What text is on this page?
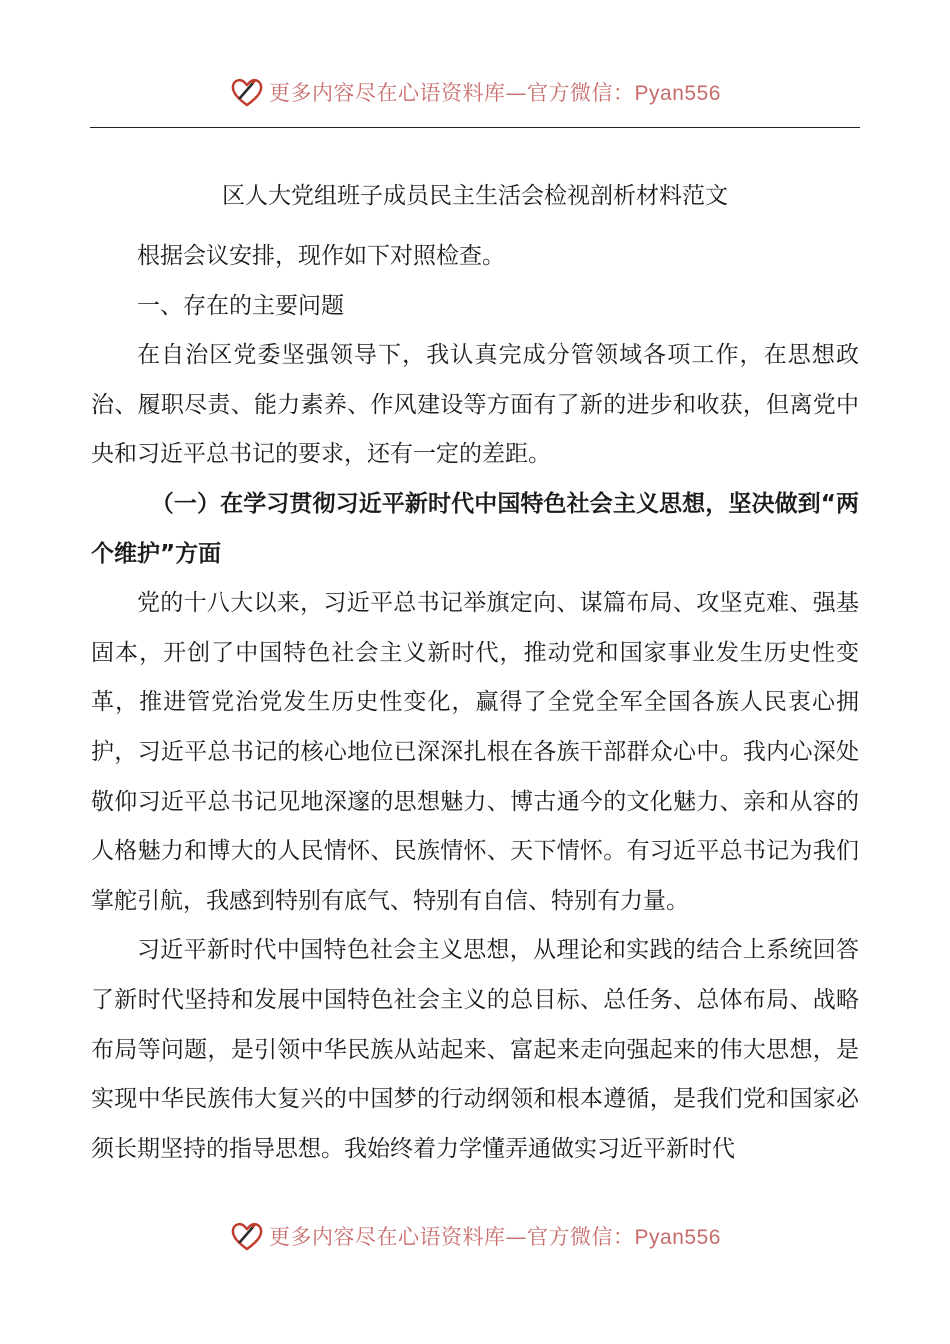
更多内容尽在心语资料库—官方微信：Pyan556
区人大党组班子成员民主生活会检视剖析材料范文

根据会议安排，现作如下对照检查。

一、存在的主要问题

在自治区党委坚强领导下，我认真完成分管领域各项工作，在思想政治、履职尽责、能力素养、作风建设等方面有了新的进步和收获，但离党中央和习近平总书记的要求，还有一定的差距。

（一）在学习贯彻习近平新时代中国特色社会主义思想，坚决做到“两个维护”方面

党的十八大以来，习近平总书记举旗定向、谋篇布局、攻坚克难、强基固本，开创了中国特色社会主义新时代，推动党和国家事业发生历史性变革，推进管党治党发生历史性变化，赢得了全党全军全国各族人民衷心拥护，习近平总书记的核心地位已深深扎根在各族干部群众心中。我内心深处敬仰习近平总书记见地深邃的思想魅力、博古通今的文化魅力、亲和从容的人格魅力和博大的人民情怀、民族情怀、天下情怀。有习近平总书记为我们掌舵引航，我感到特别有底气、特别有自信、特别有力量。

习近平新时代中国特色社会主义思想，从理论和实践的结合上系统回答了新时代坚持和发展中国特色社会主义的总目标、总任务、总体布局、战略布局等问题，是引领中华民族从站起来、富起来走向强起来的伟大思想，是实现中华民族伟大复兴的中国梦的行动纲领和根本遵循，是我们党和国家必须长期坚持的指导思想。我始终着力学懂弄通做实习近平新时代

更多内容尽在心语资料库—官方微信：Pyan556
